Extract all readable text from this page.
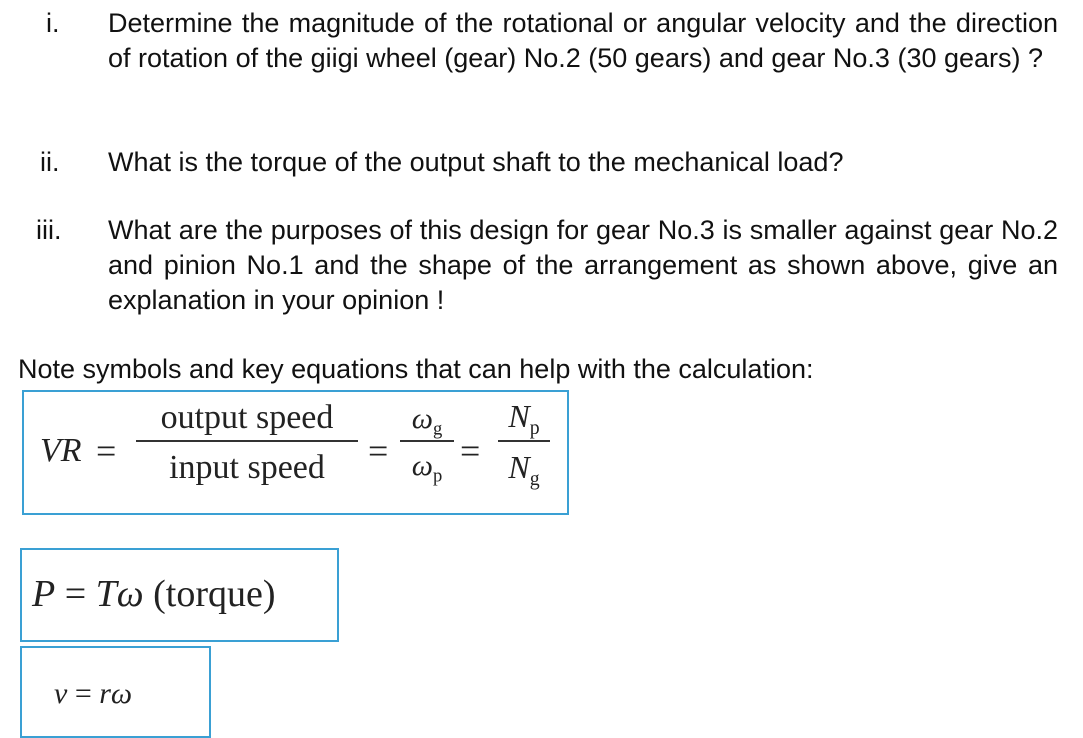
i.	Determine the magnitude of the rotational or angular velocity and the direction of rotation of the giigi wheel (gear) No.2 (50 gears) and gear No.3 (30 gears) ?
ii.	What is the torque of the output shaft to the mechanical load?
iii.	What are the purposes of this design for gear No.3 is smaller against gear No.2 and pinion No.1 and the shape of the arrangement as shown above, give an explanation in your opinion !
Note symbols and key equations that can help with the calculation:
VR =
output speed
input speed	=
$\omega_g$
$\omega_p$
=
$N_p$
$N_g$
P = Tω (torque)
v = rω
